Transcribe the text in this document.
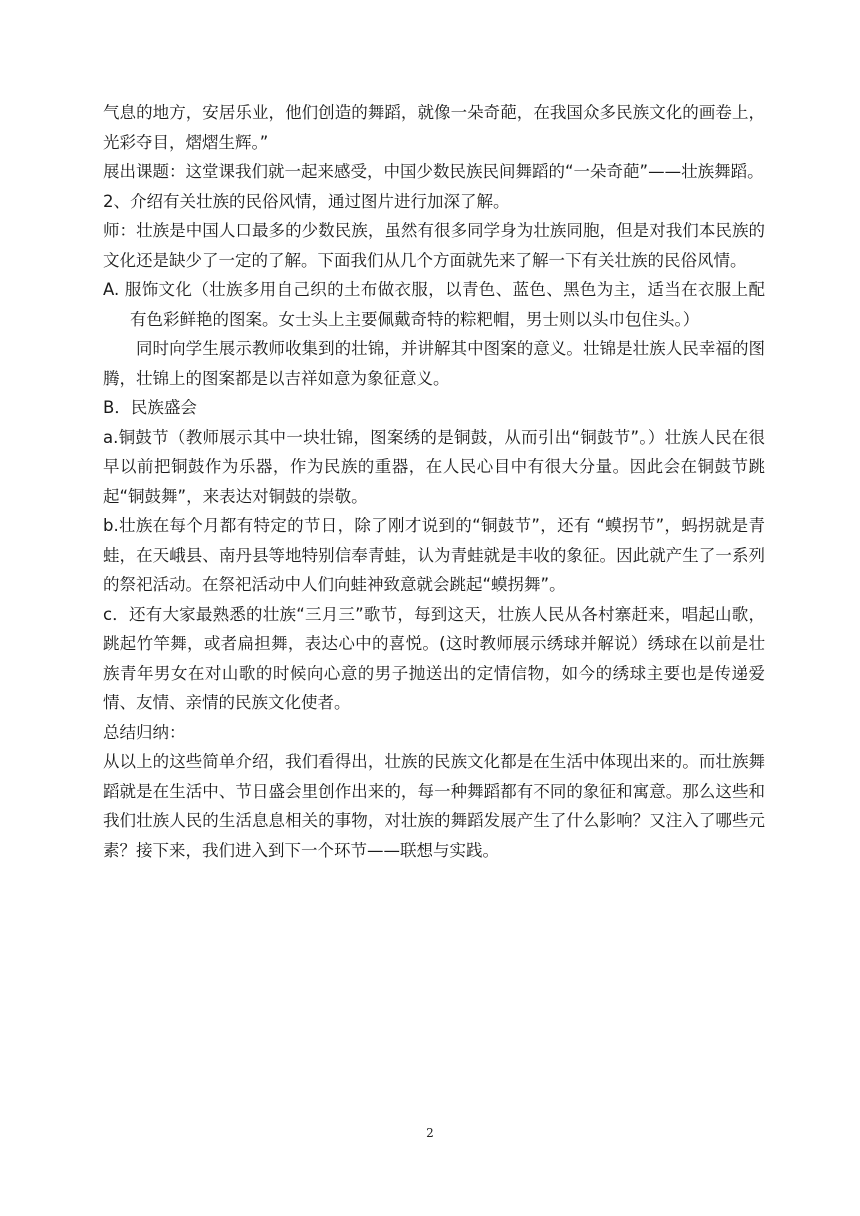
气息的地方，安居乐业，他们创造的舞蹈，就像一朵奇葩，在我国众多民族文化的画卷上，光彩夺目，熠熠生辉。”

展出课题：这堂课我们就一起来感受，中国少数民族民间舞蹈的“一朵奇葩”——壮族舞蹈。

2、介绍有关壮族的民俗风情，通过图片进行加深了解。

师：壮族是中国人口最多的少数民族，虽然有很多同学身为壮族同胞，但是对我们本民族的文化还是缺少了一定的了解。下面我们从几个方面就先来了解一下有关壮族的民俗风情。

A. 服饰文化（壮族多用自己织的土布做衣服，以青色、蓝色、黑色为主，适当在衣服上配有色彩鲜艳的图案。女士头上主要佩戴奇特的粽粑帽，男士则以头巾包住头。）

同时向学生展示教师收集到的壮锦，并讲解其中图案的意义。壮锦是壮族人民幸福的图腾，壮锦上的图案都是以吉祥如意为象征意义。

B．民族盛会

a.铜鼓节（教师展示其中一块壮锦，图案绣的是铜鼓，从而引出“铜鼓节”。）壮族人民在很早以前把铜鼓作为乐器，作为民族的重器，在人民心目中有很大分量。因此会在铜鼓节跳起“铜鼓舞”，来表达对铜鼓的崇敬。

b.壮族在每个月都有特定的节日，除了刚才说到的“铜鼓节”，还有 “蟆拐节”，蚂拐就是青蛙，在天峨县、南丹县等地特别信奉青蛙，认为青蛙就是丰收的象征。因此就产生了一系列的祭祀活动。在祭祀活动中人们向蛙神致意就会跳起“蟆拐舞”。

c．还有大家最熟悉的壮族“三月三”歌节，每到这天，壮族人民从各村寨赶来，唱起山歌，跳起竹竿舞，或者扁担舞，表达心中的喜悦。(这时教师展示绣球并解说）绣球在以前是壮族青年男女在对山歌的时候向心意的男子抛送出的定情信物，如今的绣球主要也是传递爱情、友情、亲情的民族文化使者。

总结归纳：

从以上的这些简单介绍，我们看得出，壮族的民族文化都是在生活中体现出来的。而壮族舞蹈就是在生活中、节日盛会里创作出来的，每一种舞蹈都有不同的象征和寓意。那么这些和我们壮族人民的生活息息相关的事物，对壮族的舞蹈发展产生了什么影响？又注入了哪些元素？接下来，我们进入到下一个环节——联想与实践。

2
